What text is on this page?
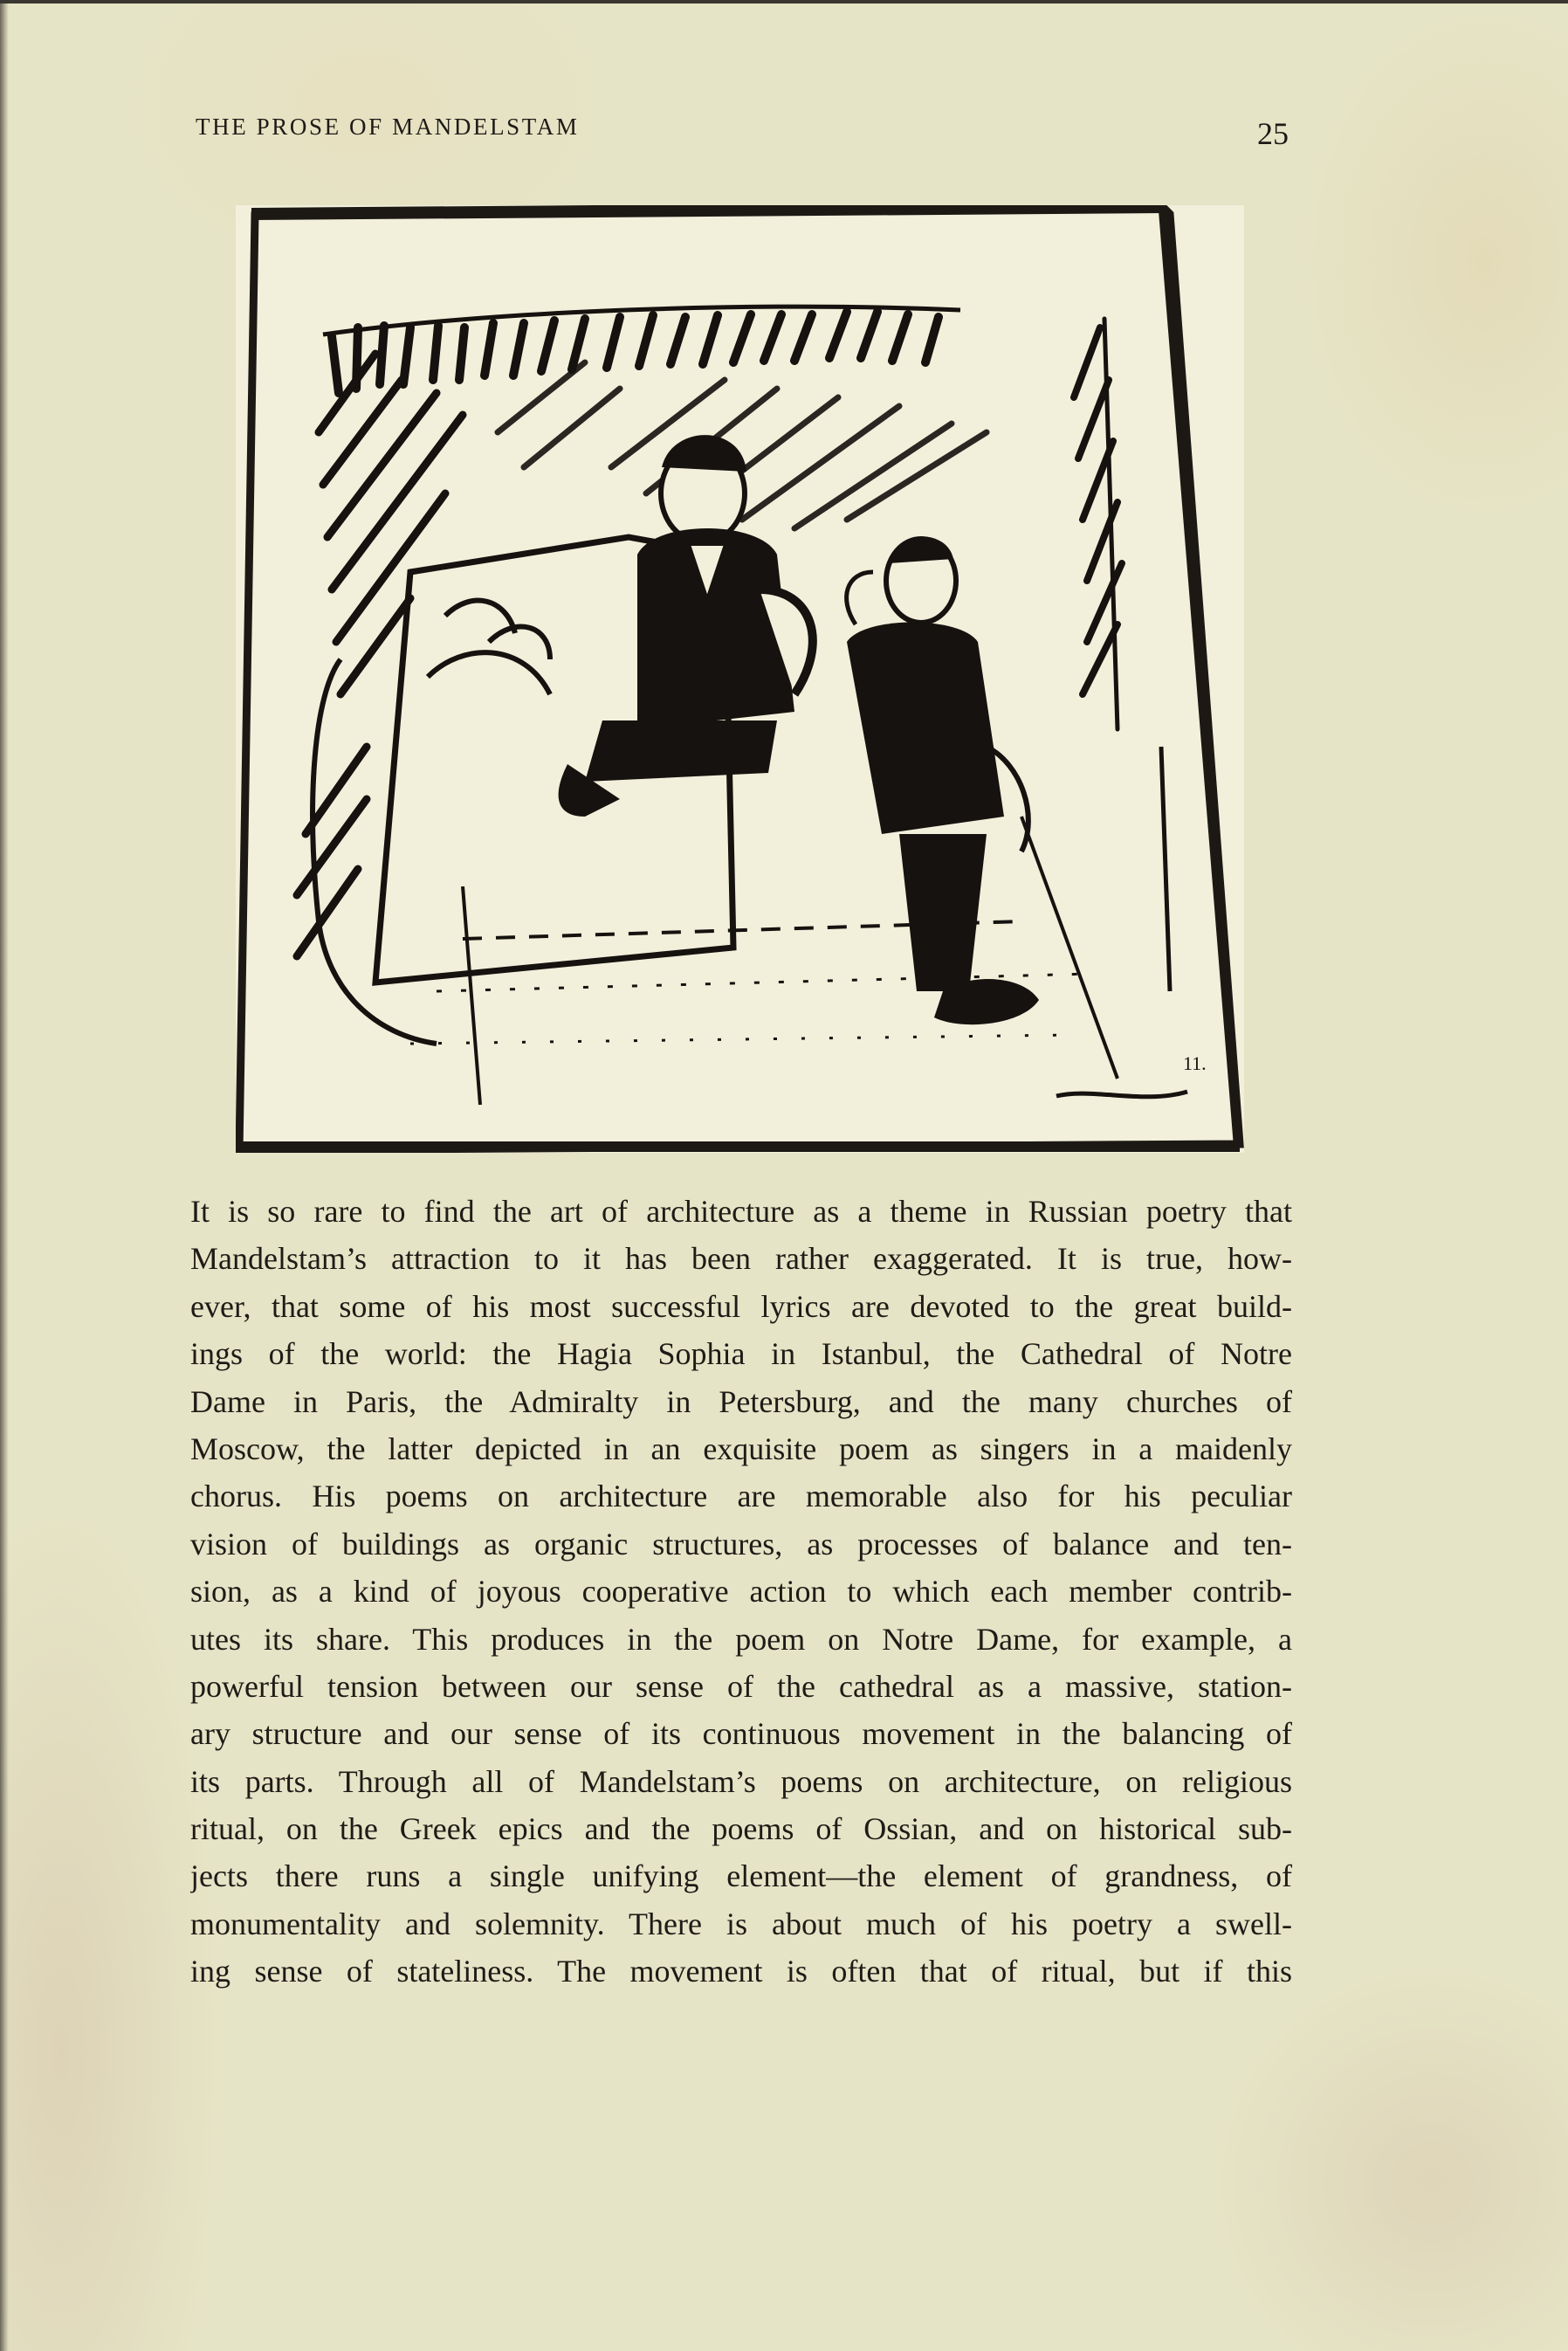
THE PROSE OF MANDELSTAM	25
11.
It is so rare to find the art of architecture as a theme in Russian poetry that
Mandelstam’s attraction to it has been rather exaggerated. It is true, how-
ever, that some of his most successful lyrics are devoted to the great build-
ings of the world: the Hagia Sophia in Istanbul, the Cathedral of Notre
Dame in Paris, the Admiralty in Petersburg, and the many churches of
Moscow, the latter depicted in an exquisite poem as singers in a maidenly
chorus. His poems on architecture are memorable also for his peculiar
vision of buildings as organic structures, as processes of balance and ten-
sion, as a kind of joyous cooperative action to which each member contrib-
utes its share. This produces in the poem on Notre Dame, for example, a
powerful tension between our sense of the cathedral as a massive, station-
ary structure and our sense of its continuous movement in the balancing of
its parts. Through all of Mandelstam’s poems on architecture, on religious
ritual, on the Greek epics and the poems of Ossian, and on historical sub-
jects there runs a single unifying element—the element of grandness, of
monumentality and solemnity. There is about much of his poetry a swell-
ing sense of stateliness. The movement is often that of ritual, but if this
